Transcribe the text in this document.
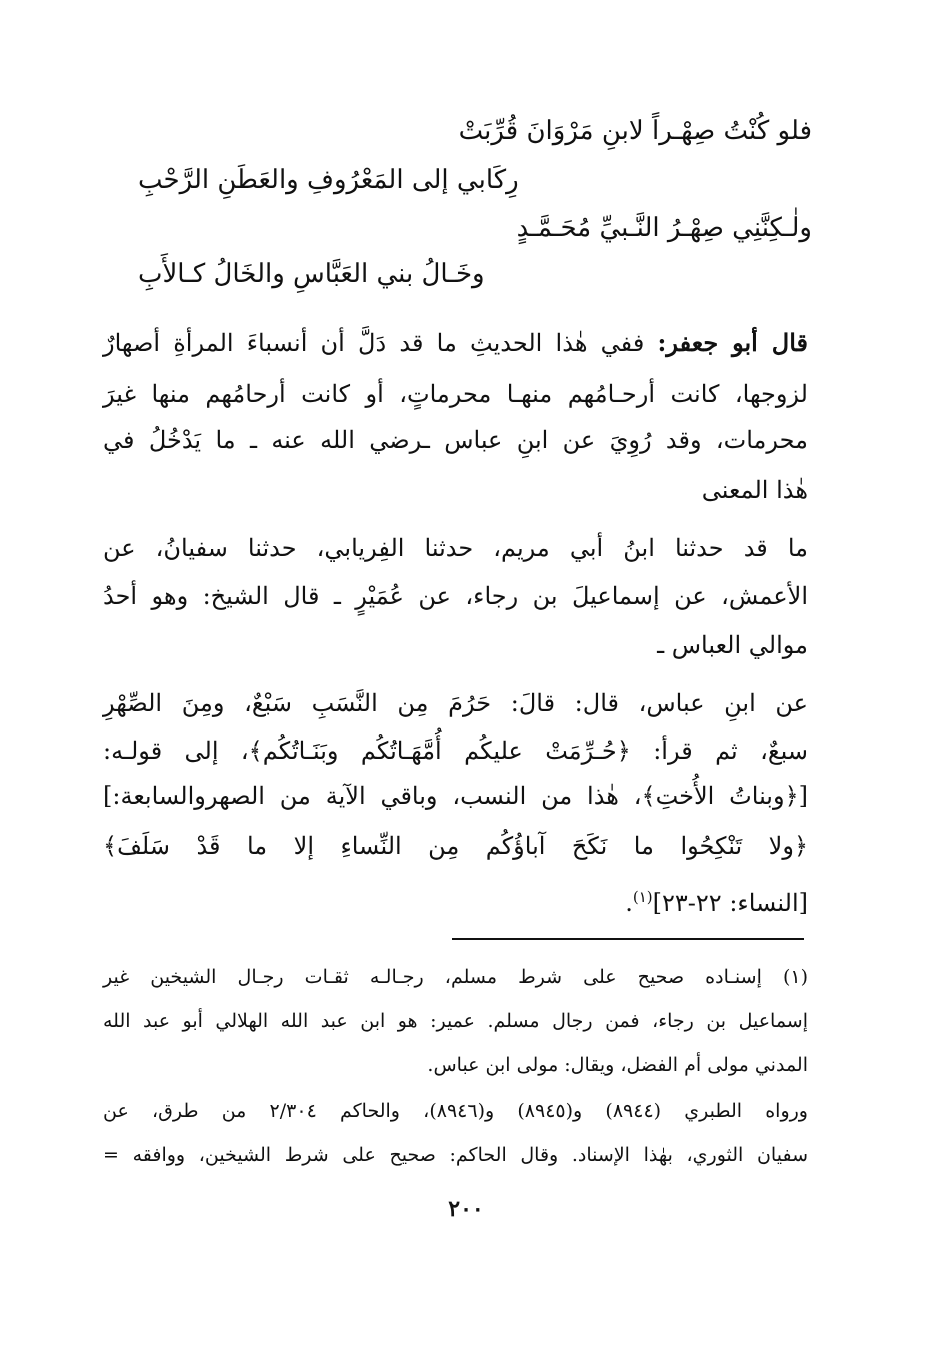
فلو كُنْتُ صِهْـراً لابنِ مَرْوَانَ قُرِّبَتْ
رِكَابي إلى المَعْرُوفِ والعَطَنِ الرَّحْبِ
ولٰـكِنَّنِي صِهْـرُ النَّـبيِّ مُحَـمَّـدٍ
وخَـالُ بني العَبَّاسِ والخَالُ كـالأَبِ
قال أبو جعفر: ففي هٰذا الحديثِ ما قد دَلَّ أن أنسباءَ المرأةِ أصهارٌ
لزوجها، كانت أرحـامُهم منهـا محرماتٍ، أو كانت أرحامُهم منها غيرَ
محرمات، وقد رُوِيَ عن ابنِ عباس ـرضي الله عنه ـ ما يَدْخُلُ في
هٰذا المعنى
ما قد حدثنا ابنُ أبي مريم، حدثنا الفِريابي، حدثنا سفيانُ، عن
الأعمش، عن إسماعيلَ بن رجاء، عن عُمَيْرٍ ـ قال الشيخ: وهو أحدُ
موالي العباس ـ
عن ابنِ عباس، قال: قالَ: حَرُمَ مِن النَّسَبِ سَبْعٌ، ومِنَ الصِّهْرِ
سبعٌ، ثم قرأ: ﴿حُـرِّمَتْ عليكُم أُمَّهَـاتُكُم وبَنَـاتُكُم﴾، إلى قولـه:
[﴿وبناتُ الأُختِ﴾، هٰذا من النسب، وباقي الآية من الصهروالسابعة:]
﴿ولا تَنْكِحُوا ما نَكَحَ آباؤُكُم مِن النِّساءِ إلا ما قَدْ سَلَفَ﴾
[النساء: ٢٢-٢٣]$^{(١)}$.
(١) إسنـاده صحيح على شرط مسلم، رجـالـه ثقـات رجـال الشيخين غير
إسماعيل بن رجاء، فمن رجال مسلم. عمير: هو ابن عبد الله الهلالي أبو عبد الله
المدني مولى أم الفضل، ويقال: مولى ابن عباس.
ورواه الطبري (٨٩٤٤) و(٨٩٤٥) و(٨٩٤٦)، والحاكم ٢/٣٠٤ من طرق، عن
سفيان الثوري، بهٰذا الإسناد. وقال الحاكم: صحيح على شرط الشيخين، ووافقه =
٢٠٠
